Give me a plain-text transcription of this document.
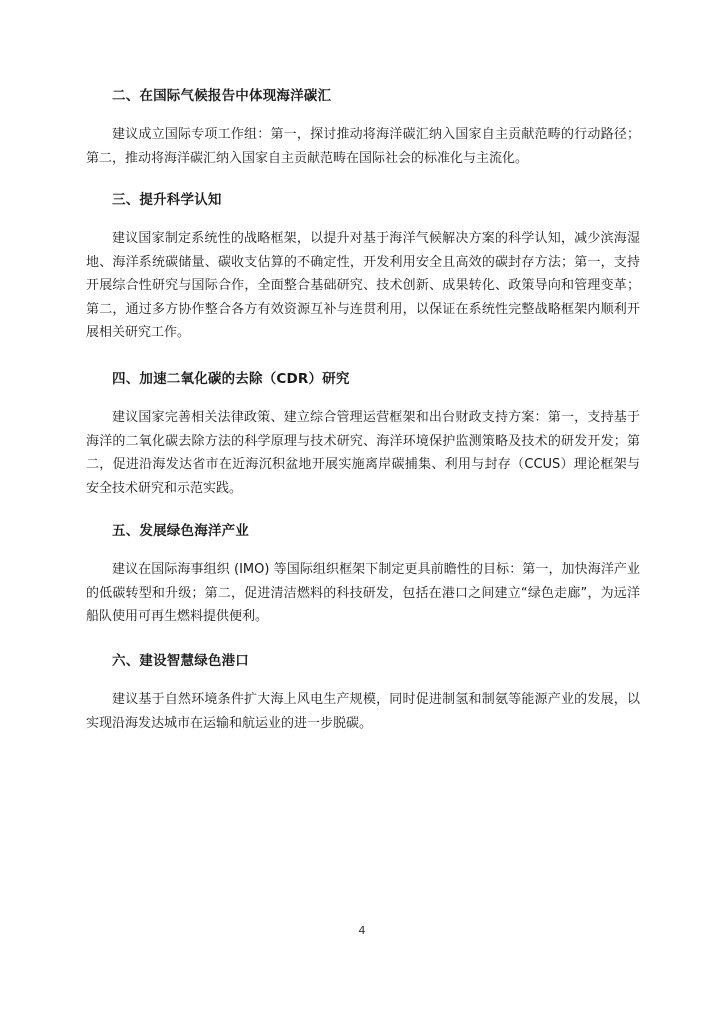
二、在国际气候报告中体现海洋碳汇

建议成立国际专项工作组：第一，探讨推动将海洋碳汇纳入国家自主贡献范畴的行动路径；第二，推动将海洋碳汇纳入国家自主贡献范畴在国际社会的标准化与主流化。

三、提升科学认知

建议国家制定系统性的战略框架，以提升对基于海洋气候解决方案的科学认知，减少滨海湿地、海洋系统碳储量、碳收支估算的不确定性，开发利用安全且高效的碳封存方法；第一，支持开展综合性研究与国际合作，全面整合基础研究、技术创新、成果转化、政策导向和管理变革；第二，通过多方协作整合各方有效资源互补与连贯利用，以保证在系统性完整战略框架内顺利开展相关研究工作。

四、加速二氧化碳的去除（CDR）研究

建议国家完善相关法律政策、建立综合管理运营框架和出台财政支持方案：第一，支持基于海洋的二氧化碳去除方法的科学原理与技术研究、海洋环境保护监测策略及技术的研发开发；第二，促进沿海发达省市在近海沉积盆地开展实施离岸碳捕集、利用与封存（CCUS）理论框架与安全技术研究和示范实践。

五、发展绿色海洋产业

建议在国际海事组织 (IMO) 等国际组织框架下制定更具前瞻性的目标：第一，加快海洋产业的低碳转型和升级；第二，促进清洁燃料的科技研发，包括在港口之间建立“绿色走廊”，为远洋船队使用可再生燃料提供便利。

六、建设智慧绿色港口

建议基于自然环境条件扩大海上风电生产规模，同时促进制氢和制氨等能源产业的发展，以实现沿海发达城市在运输和航运业的进一步脱碳。

4
